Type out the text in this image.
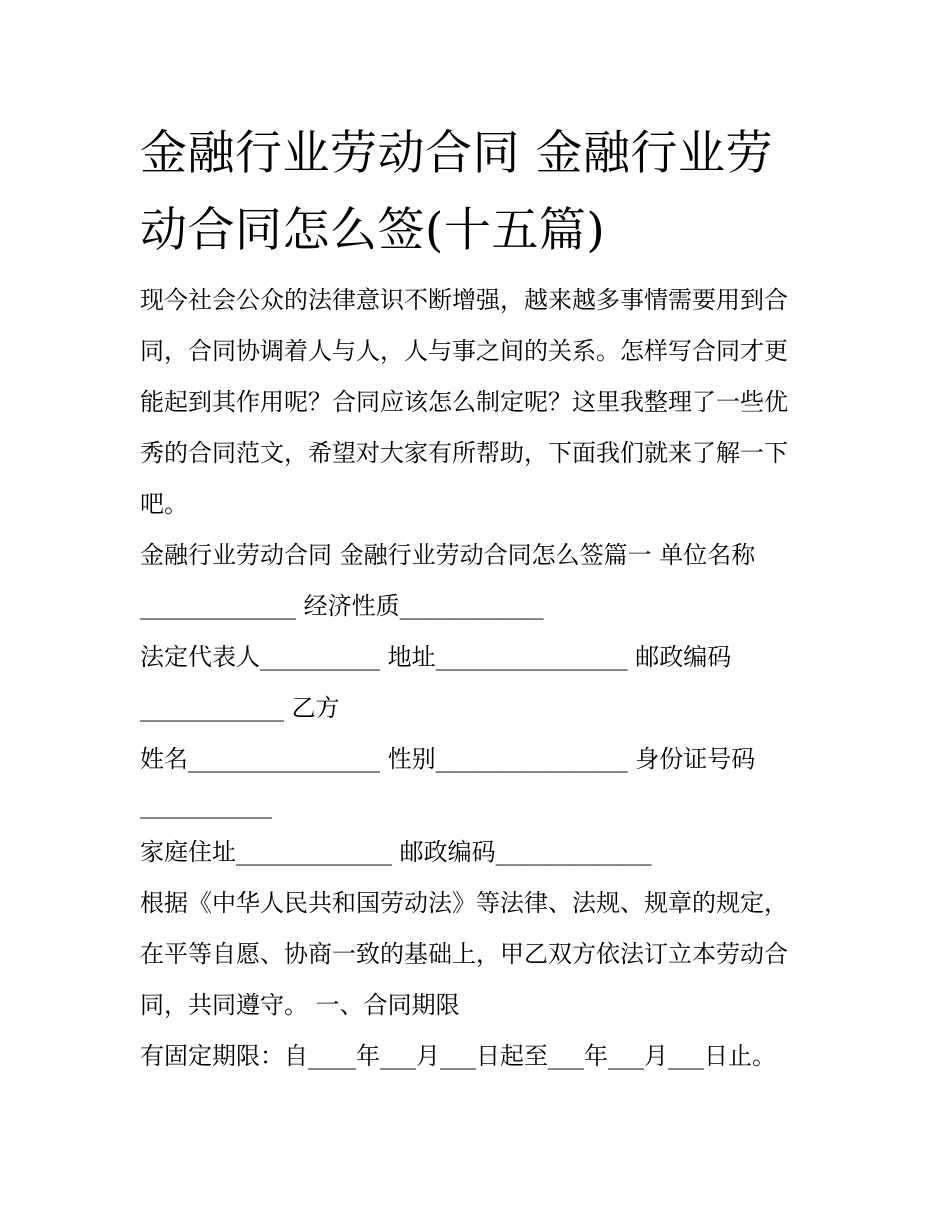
金融行业劳动合同 金融行业劳动合同怎么签(十五篇)

现今社会公众的法律意识不断增强，越来越多事情需要用到合

同，合同协调着人与人，人与事之间的关系。怎样写合同才更

能起到其作用呢？合同应该怎么制定呢？这里我整理了一些优

秀的合同范文，希望对大家有所帮助，下面我们就来了解一下

吧。

金融行业劳动合同 金融行业劳动合同怎么签篇一 单位名称

_____________ 经济性质____________

法定代表人__________ 地址________________ 邮政编码

____________ 乙方

姓名________________ 性别________________ 身份证号码

___________

家庭住址_____________ 邮政编码_____________

根据《中华人民共和国劳动法》等法律、法规、规章的规定，

在平等自愿、协商一致的基础上，甲乙双方依法订立本劳动合

同，共同遵守。 一、合同期限

有固定期限：自____年___月___日起至___年___月___日止。
